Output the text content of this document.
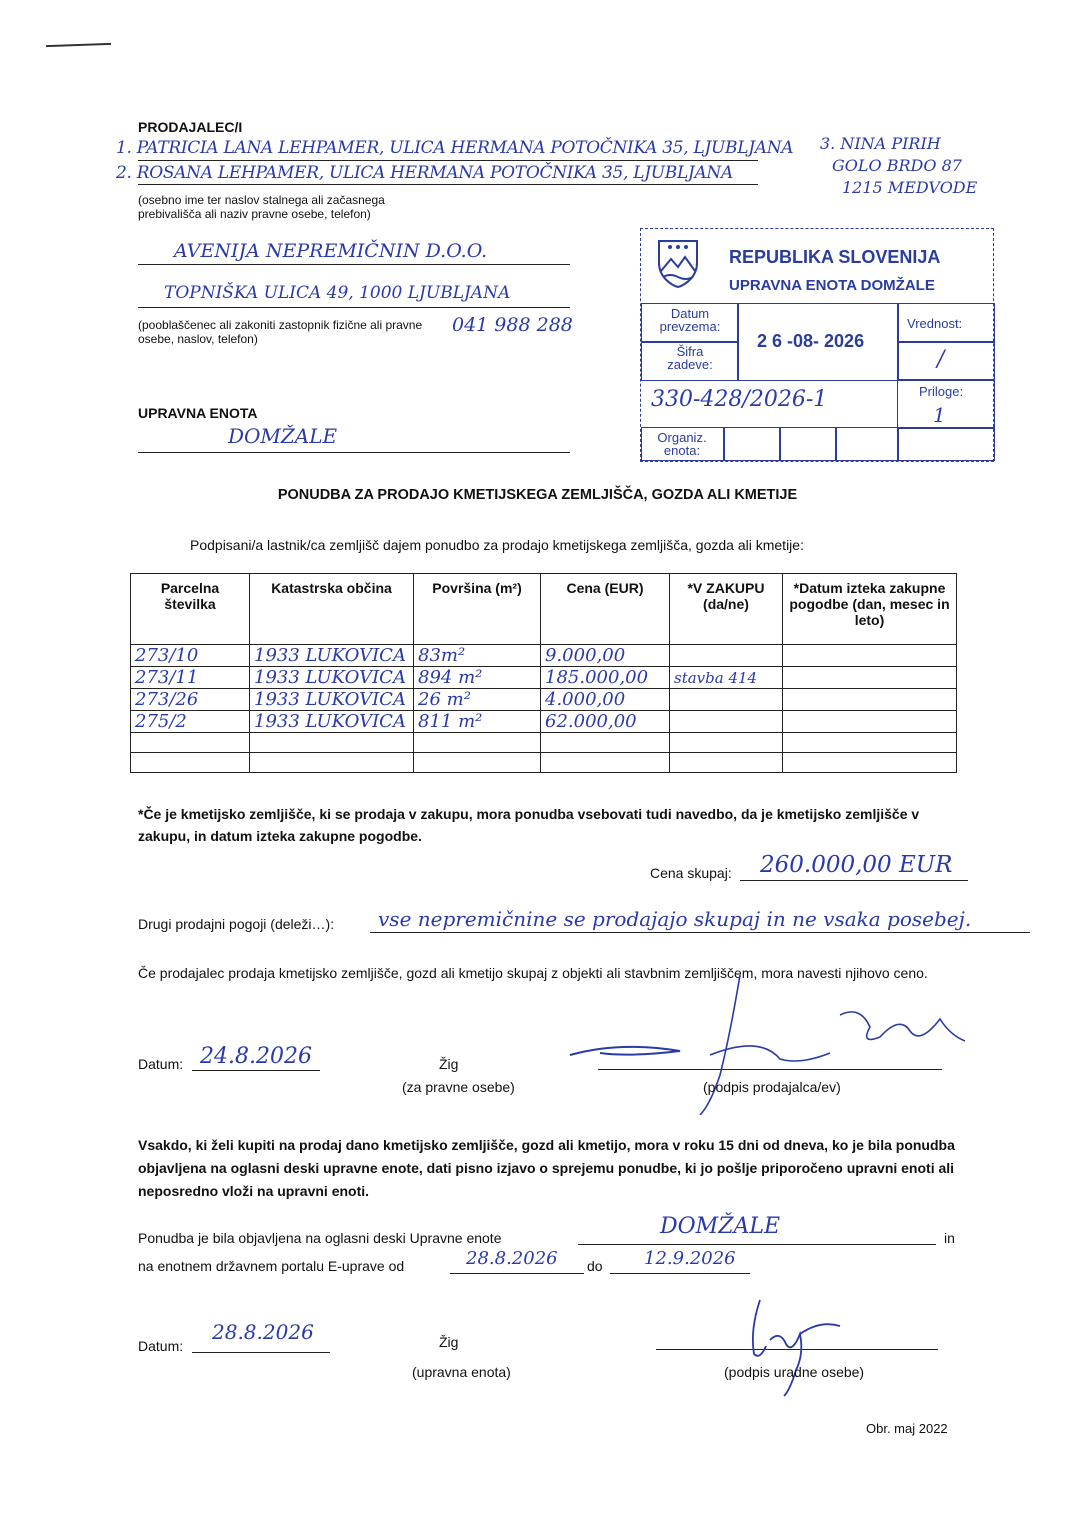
PRODAJALEC/I
1. PATRICIA LANA LEHPAMER, ULICA HERMANA POTOČNIKA 35, LJUBLJANA
2. ROSANA LEHPAMER, ULICA HERMANA POTOČNIKA 35, LJUBLJANA
3. NINA PIRIH
GOLO BRDO 87
1215 MEDVODE
(osebno ime ter naslov stalnega ali začasnega prebivališča ali naziv pravne osebe, telefon)
AVENIJA NEPREMIČNIN D.O.O.
TOPNIŠKA ULICA 49, 1000 LJUBLJANA
(pooblaščenec ali zakoniti zastopnik fizične ali pravne osebe, naslov, telefon)
041 988 288
UPRAVNA ENOTA
DOMŽALE
REPUBLIKA SLOVENIJA
UPRAVNA ENOTA DOMŽALE
Datum prevzema:
2 6 -08- 2026
Vrednost:
/
Šifra zadeve:
330-428/2026-1	Priloge:
1
Organiz. enota:
PONUDBA ZA PRODAJO KMETIJSKEGA ZEMLJIŠČA, GOZDA ALI KMETIJE
Podpisani/a lastnik/ca zemljišč dajem ponudbo za prodajo kmetijskega zemljišča, gozda ali kmetije:
Parcelna številka	Katastrska občina	Površina (m²)	Cena (EUR)	*V ZAKUPU (da/ne)	*Datum izteka zakupne pogodbe (dan, mesec in leto)
273/10	1933 LUKOVICA	83m²	9.000,00		
273/11	1933 LUKOVICA	894 m²	185.000,00	stavba 414	
273/26	1933 LUKOVICA	26 m²	4.000,00		
275/2	1933 LUKOVICA	811 m²	62.000,00		

*Če je kmetijsko zemljišče, ki se prodaja v zakupu, mora ponudba vsebovati tudi navedbo, da je kmetijsko zemljišče v zakupu, in datum izteka zakupne pogodbe.
Cena skupaj: 260.000,00 EUR
Drugi prodajni pogoji (deleži…): vse nepremičnine se prodajajo skupaj in ne vsaka posebej.
Če prodajalec prodaja kmetijsko zemljišče, gozd ali kmetijo skupaj z objekti ali stavbnim zemljiščem, mora navesti njihovo ceno.
Datum: 24.8.2026	Žig
(za pravne osebe)	(podpis prodajalca/ev)
Vsakdo, ki želi kupiti na prodaj dano kmetijsko zemljišče, gozd ali kmetijo, mora v roku 15 dni od dneva, ko je bila ponudba objavljena na oglasni deski upravne enote, dati pisno izjavo o sprejemu ponudbe, ki jo pošlje priporočeno upravni enoti ali neposredno vloži na upravni enoti.
Ponudba je bila objavljena na oglasni deski Upravne enote	DOMŽALE	in
na enotnem državnem portalu E-uprave od	28.8.2026 do 12.9.2026
Datum:
28.8.2026	Žig
(upravna enota)	(podpis uradne osebe)
Obr. maj 2022
